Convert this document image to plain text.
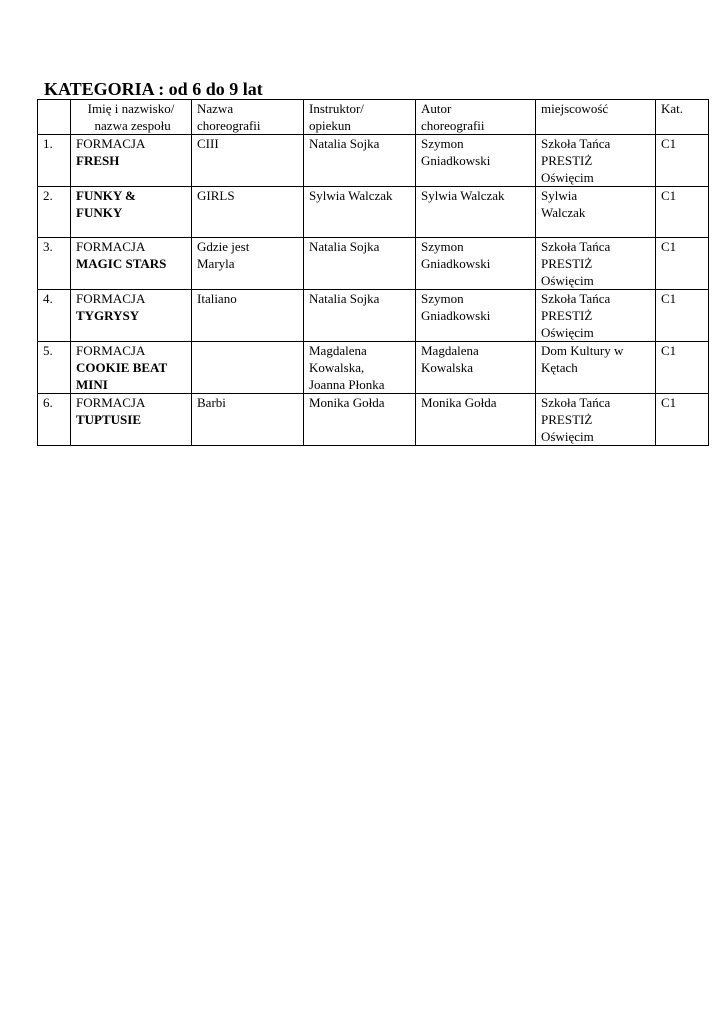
KATEGORIA : od 6 do 9 lat

	Imię i nazwisko/
nazwa zespołu	Nazwa
choreografii	Instruktor/
opiekun	Autor
choreografii	miejscowość	Kat.
1.	FORMACJA
FRESH	CIII	Natalia Sojka	Szymon
Gniadkowski	Szkoła Tańca
PRESTIŻ
Oświęcim	C1
2.	FUNKY &
FUNKY	GIRLS	Sylwia Walczak	Sylwia Walczak	Sylwia
Walczak	C1
3.	FORMACJA
MAGIC STARS	Gdzie jest
Maryla	Natalia Sojka	Szymon
Gniadkowski	Szkoła Tańca
PRESTIŻ
Oświęcim	C1
4.	FORMACJA
TYGRYSY	Italiano	Natalia Sojka	Szymon
Gniadkowski	Szkoła Tańca
PRESTIŻ
Oświęcim	C1
5.	FORMACJA
COOKIE BEAT
MINI		Magdalena
Kowalska,
Joanna Płonka	Magdalena
Kowalska	Dom Kultury w
Kętach	C1
6.	FORMACJA
TUPTUSIE	Barbi	Monika Gołda	Monika Gołda	Szkoła Tańca
PRESTIŻ
Oświęcim	C1
